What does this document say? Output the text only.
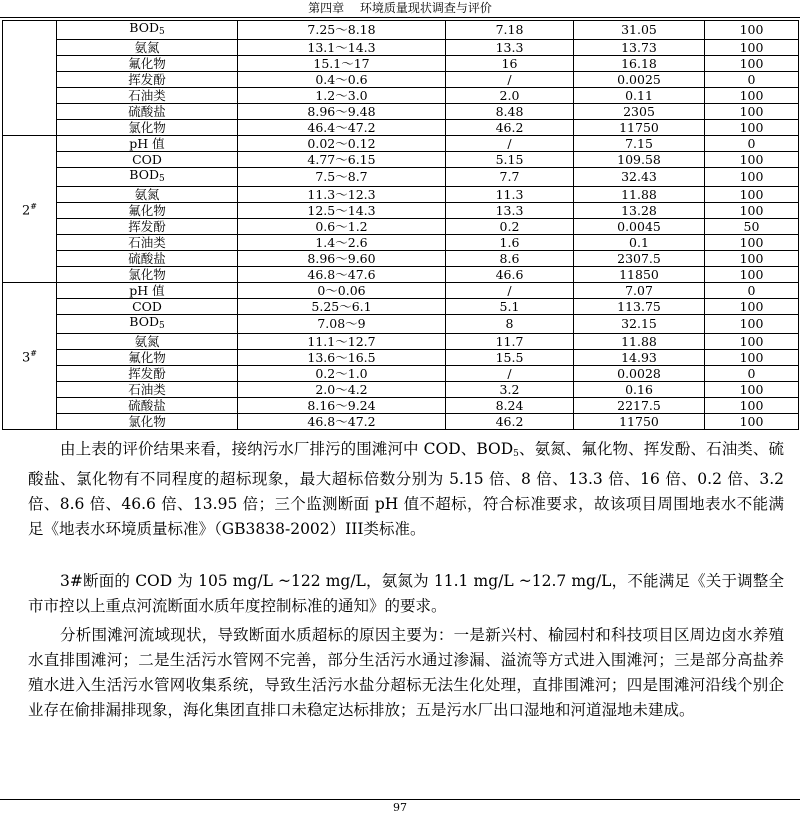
第四章 环境质量现状调查与评价
	$BOD_5$	7.25～8.18	7.18	31.05	100
	氨氮	13.1～14.3	13.3	13.73	100
	氟化物	15.1～17	16	16.18	100
	挥发酚	0.4～0.6	/	0.0025	0
	石油类	1.2～3.0	2.0	0.11	100
	硫酸盐	8.96～9.48	8.48	2305	100
	氯化物	46.4～47.2	46.2	11750	100
2#	pH 值	0.02～0.12	/	7.15	0
	COD	4.77～6.15	5.15	109.58	100
	$BOD_5$	7.5～8.7	7.7	32.43	100
	氨氮	11.3～12.3	11.3	11.88	100
	氟化物	12.5～14.3	13.3	13.28	100
	挥发酚	0.6～1.2	0.2	0.0045	50
	石油类	1.4～2.6	1.6	0.1	100
	硫酸盐	8.96～9.60	8.6	2307.5	100
	氯化物	46.8～47.6	46.6	11850	100
3#	pH 值	0～0.06	/	7.07	0
	COD	5.25～6.1	5.1	113.75	100
	$BOD_5$	7.08～9	8	32.15	100
	氨氮	11.1～12.7	11.7	11.88	100
	氟化物	13.6～16.5	15.5	14.93	100
	挥发酚	0.2～1.0	/	0.0028	0
	石油类	2.0～4.2	3.2	0.16	100
	硫酸盐	8.16～9.24	8.24	2217.5	100
	氯化物	46.8～47.2	46.2	11750	100

由上表的评价结果来看，接纳污水厂排污的围滩河中 COD、$BOD_5$、氨氮、氟化物、挥发酚、石油类、硫酸盐、氯化物有不同程度的超标现象，最大超标倍数分别为 5.15 倍、8 倍、13.3 倍、16 倍、0.2 倍、3.2 倍、8.6 倍、46.6 倍、13.95 倍；三个监测断面 pH 值不超标，符合标准要求，故该项目周围地表水不能满足《地表水环境质量标准》（GB3838-2002）III类标准。

3#断面的 COD 为 105 mg/L ~122 mg/L，氨氮为 11.1 mg/L ~12.7 mg/L，不能满足《关于调整全市市控以上重点河流断面水质年度控制标准的通知》的要求。

分析围滩河流域现状，导致断面水质超标的原因主要为：一是新兴村、榆园村和科技项目区周边卤水养殖水直排围滩河；二是生活污水管网不完善，部分生活污水通过渗漏、溢流等方式进入围滩河；三是部分高盐养殖水进入生活污水管网收集系统，导致生活污水盐分超标无法生化处理，直排围滩河；四是围滩河沿线个别企业存在偷排漏排现象，海化集团直排口未稳定达标排放；五是污水厂出口湿地和河道湿地未建成。

97
